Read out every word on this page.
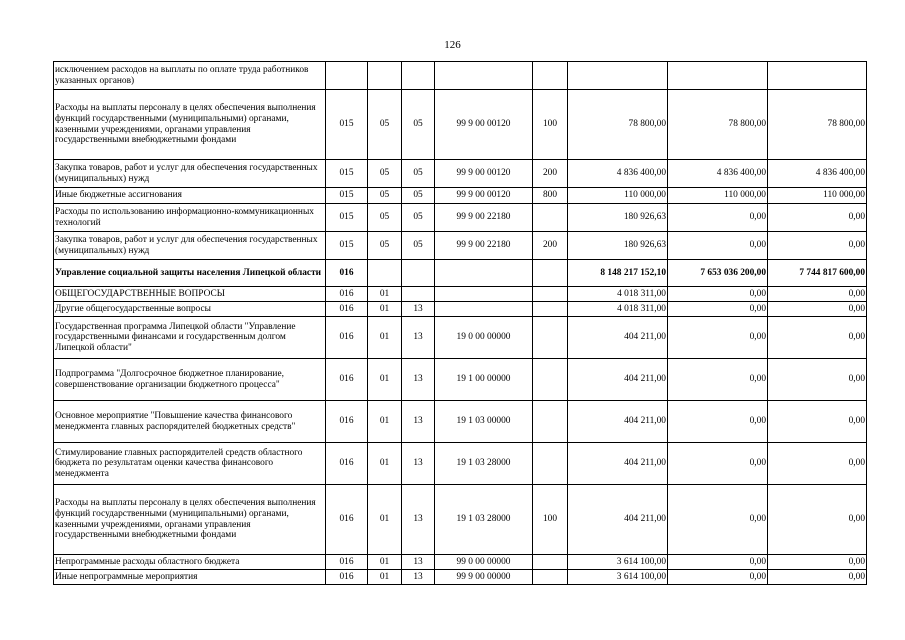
126
исключением расходов на выплаты по оплате труда работников указанных органов)								
Расходы на выплаты персоналу в целях обеспечения выполнения функций государственными (муниципальными) органами, казенными учреждениями, органами управления государственными внебюджетными фондами	015	05	05	99 9 00 00120	100	78 800,00	78 800,00	78 800,00
Закупка товаров, работ и услуг для обеспечения государственных (муниципальных) нужд	015	05	05	99 9 00 00120	200	4 836 400,00	4 836 400,00	4 836 400,00
Иные бюджетные ассигнования	015	05	05	99 9 00 00120	800	110 000,00	110 000,00	110 000,00
Расходы по использованию информационно-коммуникационных технологий	015	05	05	99 9 00 22180		180 926,63	0,00	0,00
Закупка товаров, работ и услуг для обеспечения государственных (муниципальных) нужд	015	05	05	99 9 00 22180	200	180 926,63	0,00	0,00
Управление социальной защиты населения Липецкой области	016					8 148 217 152,10	7 653 036 200,00	7 744 817 600,00
ОБЩЕГОСУДАРСТВЕННЫЕ ВОПРОСЫ	016	01				4 018 311,00	0,00	0,00
Другие общегосударственные вопросы	016	01	13			4 018 311,00	0,00	0,00
Государственная программа Липецкой области "Управление государственными финансами и государственным долгом Липецкой области"	016	01	13	19 0 00 00000		404 211,00	0,00	0,00
Подпрограмма "Долгосрочное бюджетное планирование, совершенствование организации бюджетного процесса"	016	01	13	19 1 00 00000		404 211,00	0,00	0,00
Основное мероприятие "Повышение качества финансового менеджмента главных распорядителей бюджетных средств"	016	01	13	19 1 03 00000		404 211,00	0,00	0,00
Стимулирование главных распорядителей средств областного бюджета по результатам оценки качества финансового менеджмента	016	01	13	19 1 03 28000		404 211,00	0,00	0,00
Расходы на выплаты персоналу в целях обеспечения выполнения функций государственными (муниципальными) органами, казенными учреждениями, органами управления государственными внебюджетными фондами	016	01	13	19 1 03 28000	100	404 211,00	0,00	0,00
Непрограммные расходы областного бюджета	016	01	13	99 0 00 00000		3 614 100,00	0,00	0,00
Иные непрограммные мероприятия	016	01	13	99 9 00 00000		3 614 100,00	0,00	0,00
